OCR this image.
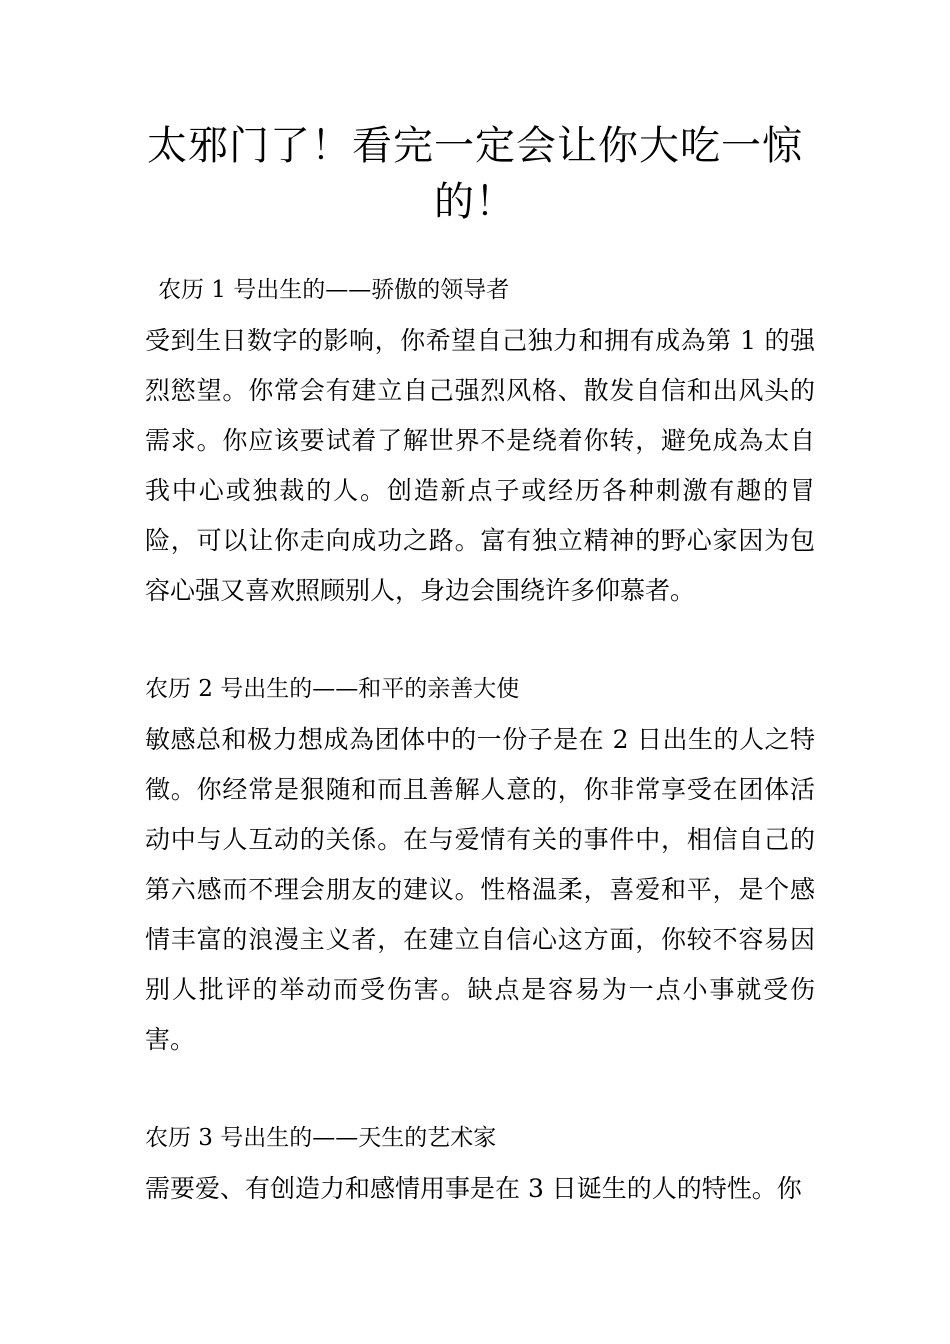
太邪门了！看完一定会让你大吃一惊的！
农历 1 号出生的——骄傲的领导者
受到生日数字的影响，你希望自己独力和拥有成為第 1 的强烈慾望。你常会有建立自己强烈风格、散发自信和出风头的需求。你应该要试着了解世界不是绕着你转，避免成為太自我中心或独裁的人。创造新点子或经历各种刺激有趣的冒险，可以让你走向成功之路。富有独立精神的野心家因为包容心强又喜欢照顾别人，身边会围绕许多仰慕者。
农历 2 号出生的——和平的亲善大使
敏感总和极力想成為团体中的一份子是在 2 日出生的人之特徵。你经常是狠随和而且善解人意的，你非常享受在团体活动中与人互动的关係。在与爱情有关的事件中，相信自己的第六感而不理会朋友的建议。性格温柔，喜爱和平，是个感情丰富的浪漫主义者，在建立自信心这方面，你较不容易因别人批评的举动而受伤害。缺点是容易为一点小事就受伤害。
农历 3 号出生的——天生的艺术家
需要爱、有创造力和感情用事是在 3 日诞生的人的特性。你
